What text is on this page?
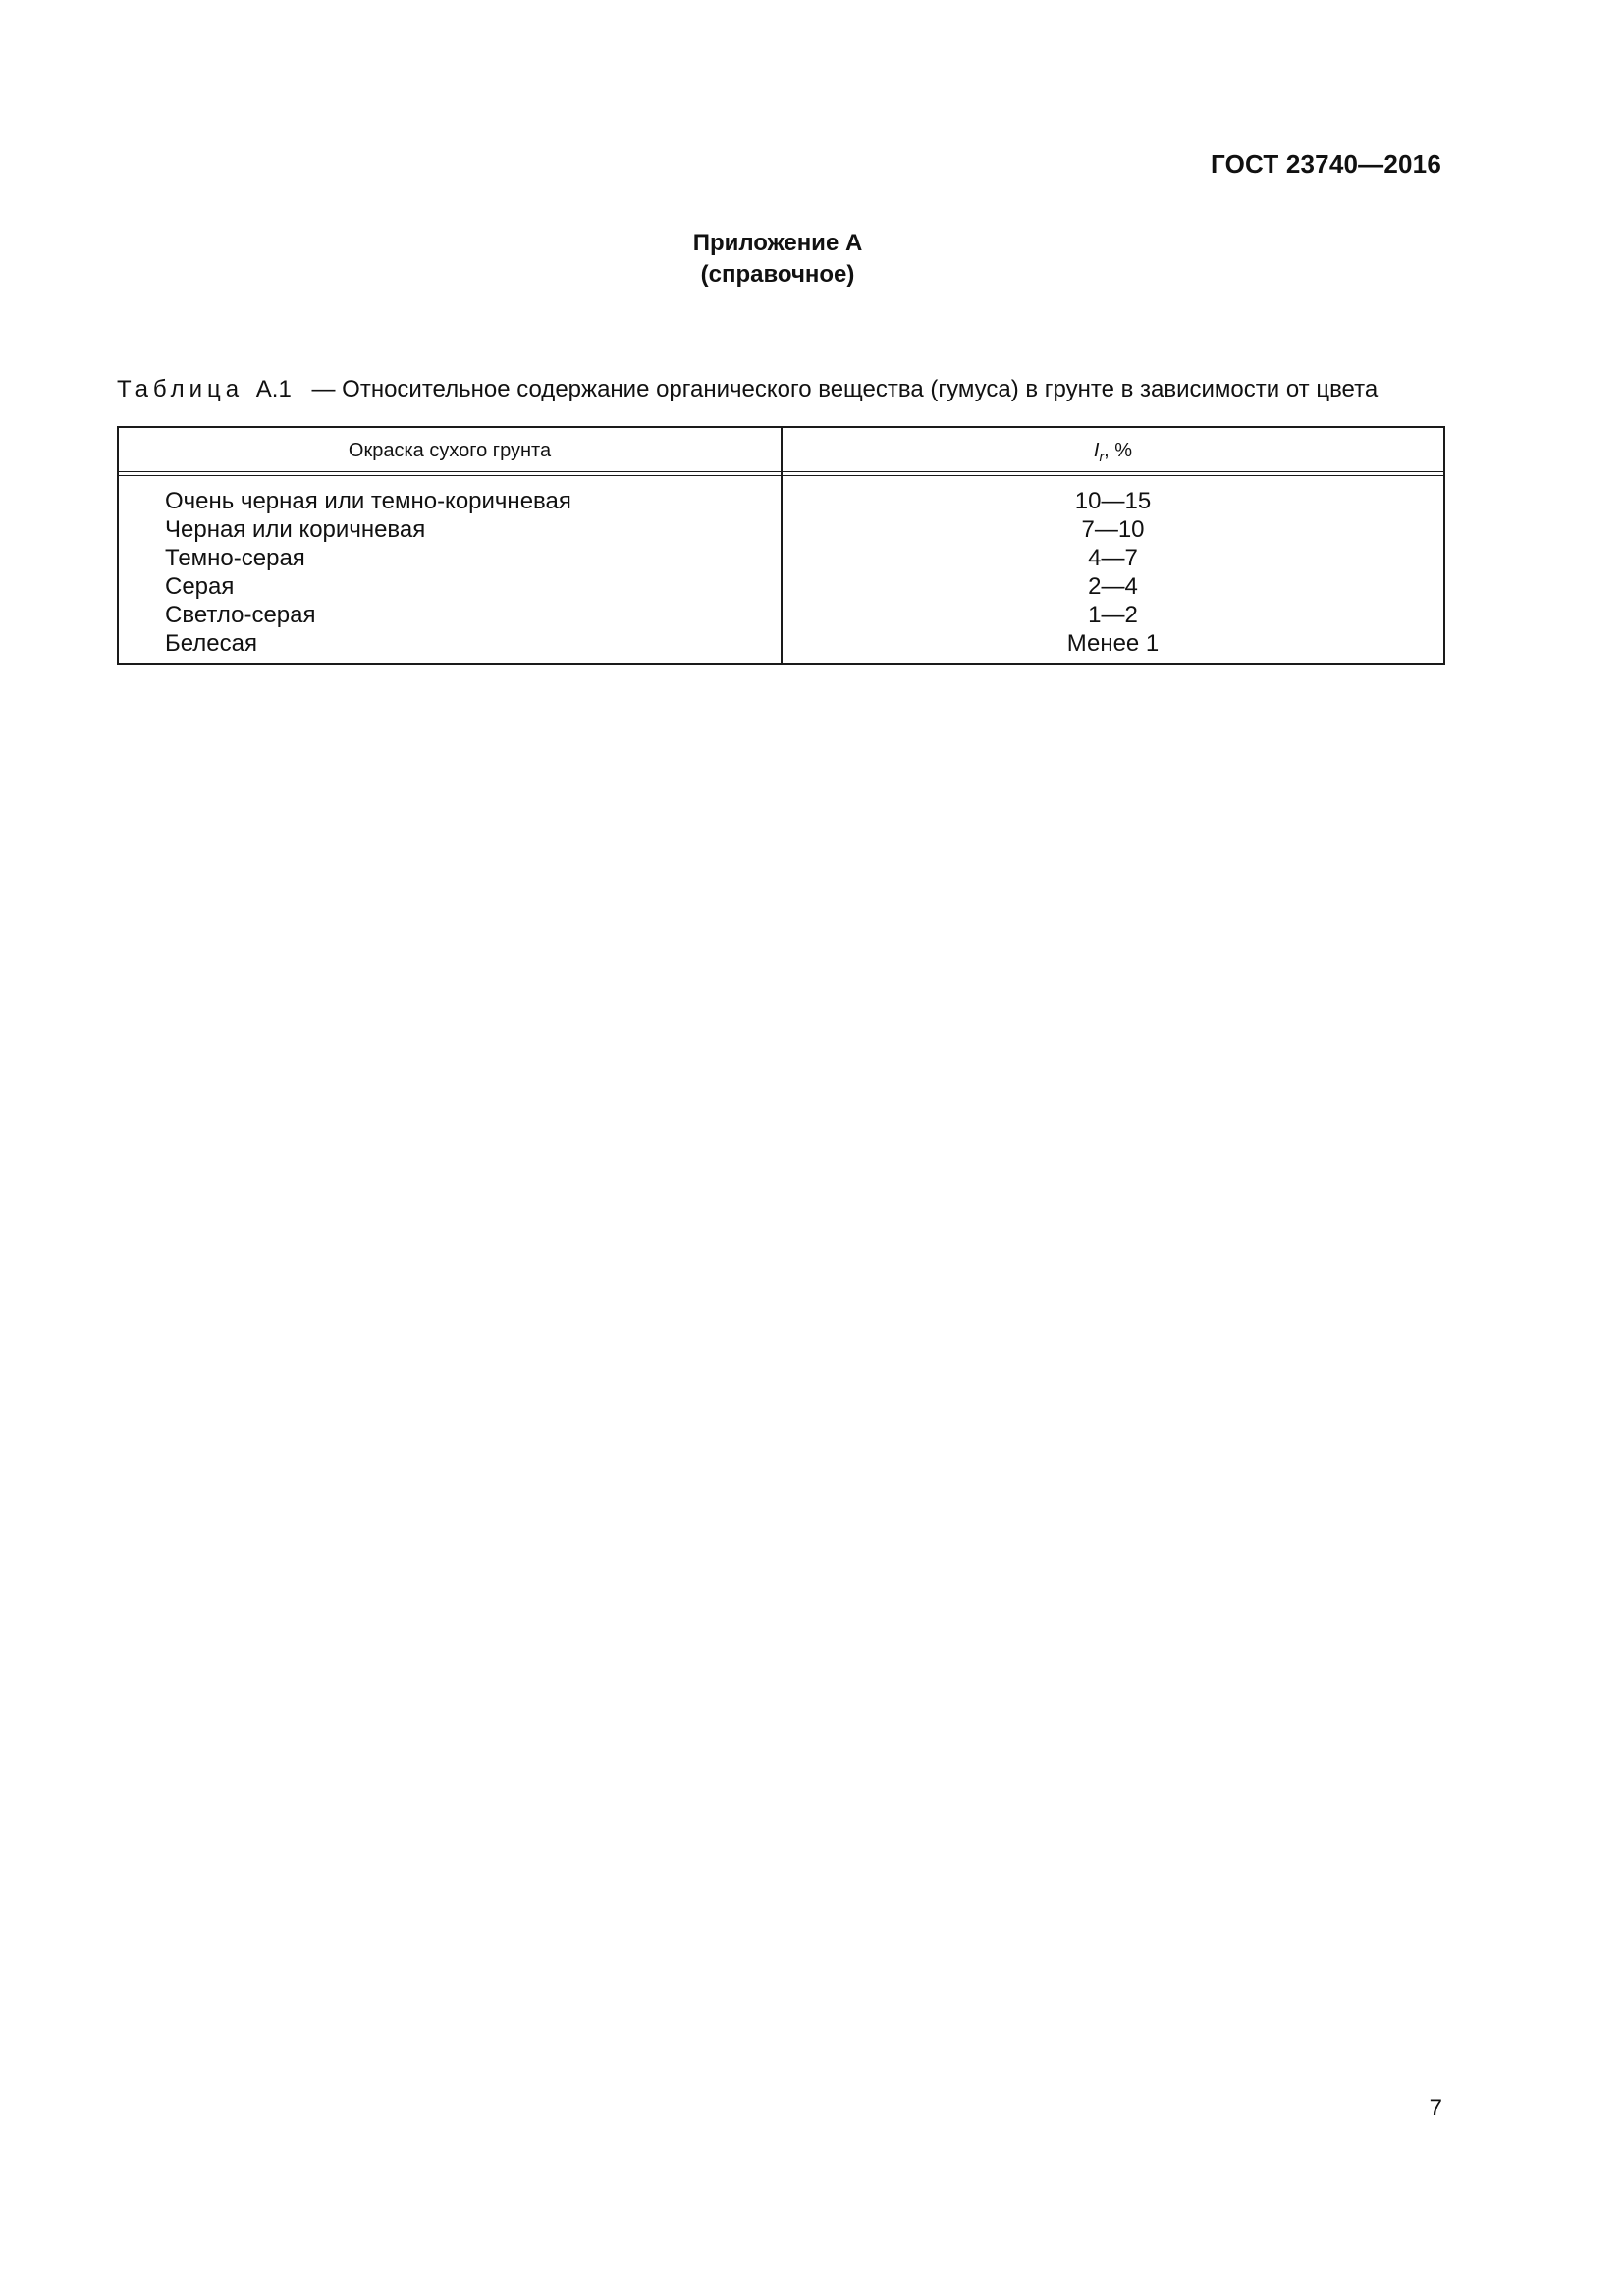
ГОСТ 23740—2016
Приложение А
(справочное)
Таблица А.1 — Относительное содержание органического вещества (гумуса) в грунте в зависимости от цвета
Окраска сухого грунта	$I_r$, %
Очень черная или темно-коричневая
Черная или коричневая
Темно-серая
Серая
Светло-серая
Белесая
10—15
7—10
4—7
2—4
1—2
Менее 1
7
